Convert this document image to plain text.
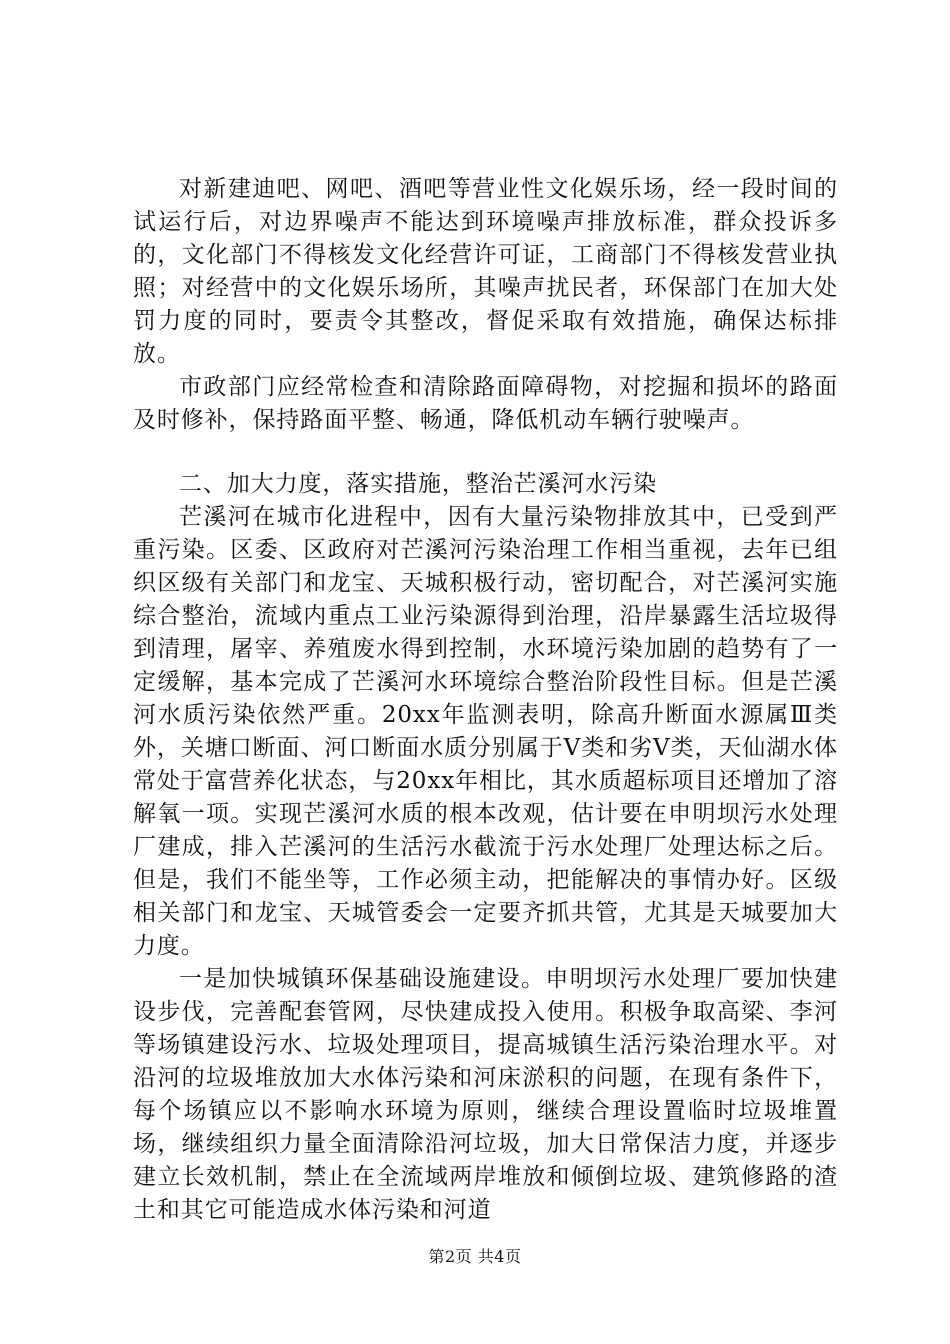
对新建迪吧、网吧、酒吧等营业性文化娱乐场，经一段时间的试运行后，对边界噪声不能达到环境噪声排放标准，群众投诉多的，文化部门不得核发文化经营许可证，工商部门不得核发营业执照；对经营中的文化娱乐场所，其噪声扰民者，环保部门在加大处罚力度的同时，要责令其整改，督促采取有效措施，确保达标排放。

市政部门应经常检查和清除路面障碍物，对挖掘和损坏的路面及时修补，保持路面平整、畅通，降低机动车辆行驶噪声。

二、加大力度，落实措施，整治芒溪河水污染

芒溪河在城市化进程中，因有大量污染物排放其中，已受到严重污染。区委、区政府对芒溪河污染治理工作相当重视，去年已组织区级有关部门和龙宝、天城积极行动，密切配合，对芒溪河实施综合整治，流域内重点工业污染源得到治理，沿岸暴露生活垃圾得到清理，屠宰、养殖废水得到控制，水环境污染加剧的趋势有了一定缓解，基本完成了芒溪河水环境综合整治阶段性目标。但是芒溪河水质污染依然严重。20xx年监测表明，除高升断面水源属Ⅲ类外，关塘口断面、河口断面水质分别属于Ⅴ类和劣Ⅴ类，天仙湖水体常处于富营养化状态，与20xx年相比，其水质超标项目还增加了溶解氧一项。实现芒溪河水质的根本改观，估计要在申明坝污水处理厂建成，排入芒溪河的生活污水截流于污水处理厂处理达标之后。但是，我们不能坐等，工作必须主动，把能解决的事情办好。区级相关部门和龙宝、天城管委会一定要齐抓共管，尤其是天城要加大力度。

一是加快城镇环保基础设施建设。申明坝污水处理厂要加快建设步伐，完善配套管网，尽快建成投入使用。积极争取高梁、李河等场镇建设污水、垃圾处理项目，提高城镇生活污染治理水平。对沿河的垃圾堆放加大水体污染和河床淤积的问题，在现有条件下，每个场镇应以不影响水环境为原则，继续合理设置临时垃圾堆置场，继续组织力量全面清除沿河垃圾，加大日常保洁力度，并逐步建立长效机制，禁止在全流域两岸堆放和倾倒垃圾、建筑修路的渣土和其它可能造成水体污染和河道

第2页 共4页
